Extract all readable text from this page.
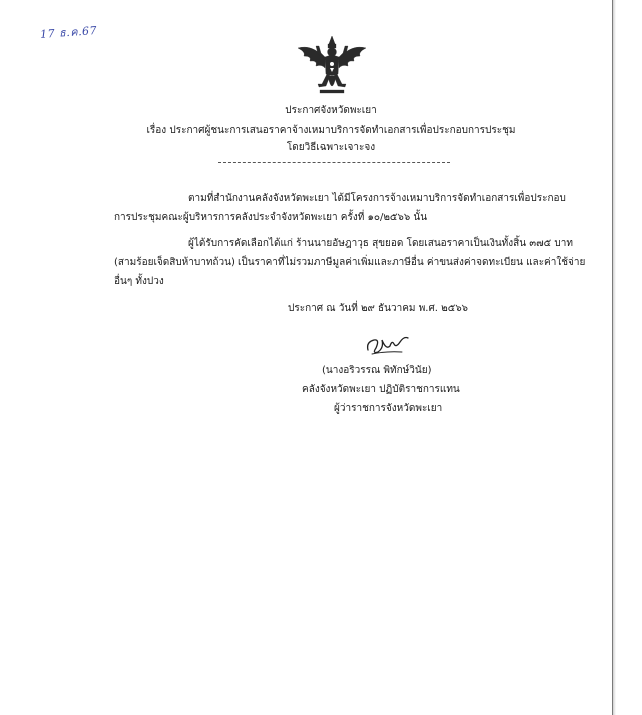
17 ธ.ค.67
ประกาศจังหวัดพะเยา
เรื่อง ประกาศผู้ชนะการเสนอราคาจ้างเหมาบริการจัดทำเอกสารเพื่อประกอบการประชุม
โดยวิธีเฉพาะเจาะจง
ตามที่สำนักงานคลังจังหวัดพะเยา ได้มีโครงการจ้างเหมาบริการจัดทำเอกสารเพื่อประกอบ
การประชุมคณะผู้บริหารการคลังประจำจังหวัดพะเยา ครั้งที่ ๑๐/๒๕๖๖ นั้น
ผู้ได้รับการคัดเลือกได้แก่ ร้านนายอัษฎาวุธ สุขยอด โดยเสนอราคาเป็นเงินทั้งสิ้น ๓๗๕ บาท
(สามร้อยเจ็ดสิบห้าบาทถ้วน) เป็นราคาที่ไม่รวมภาษีมูลค่าเพิ่มและภาษีอื่น ค่าขนส่งค่าจดทะเบียน และค่าใช้จ่าย
อื่นๆ ทั้งปวง
ประกาศ ณ วันที่ ๒๙ ธันวาคม พ.ศ. ๒๕๖๖
(นางอริวรรณ พิทักษ์วินัย)
คลังจังหวัดพะเยา ปฏิบัติราชการแทน
ผู้ว่าราชการจังหวัดพะเยา
